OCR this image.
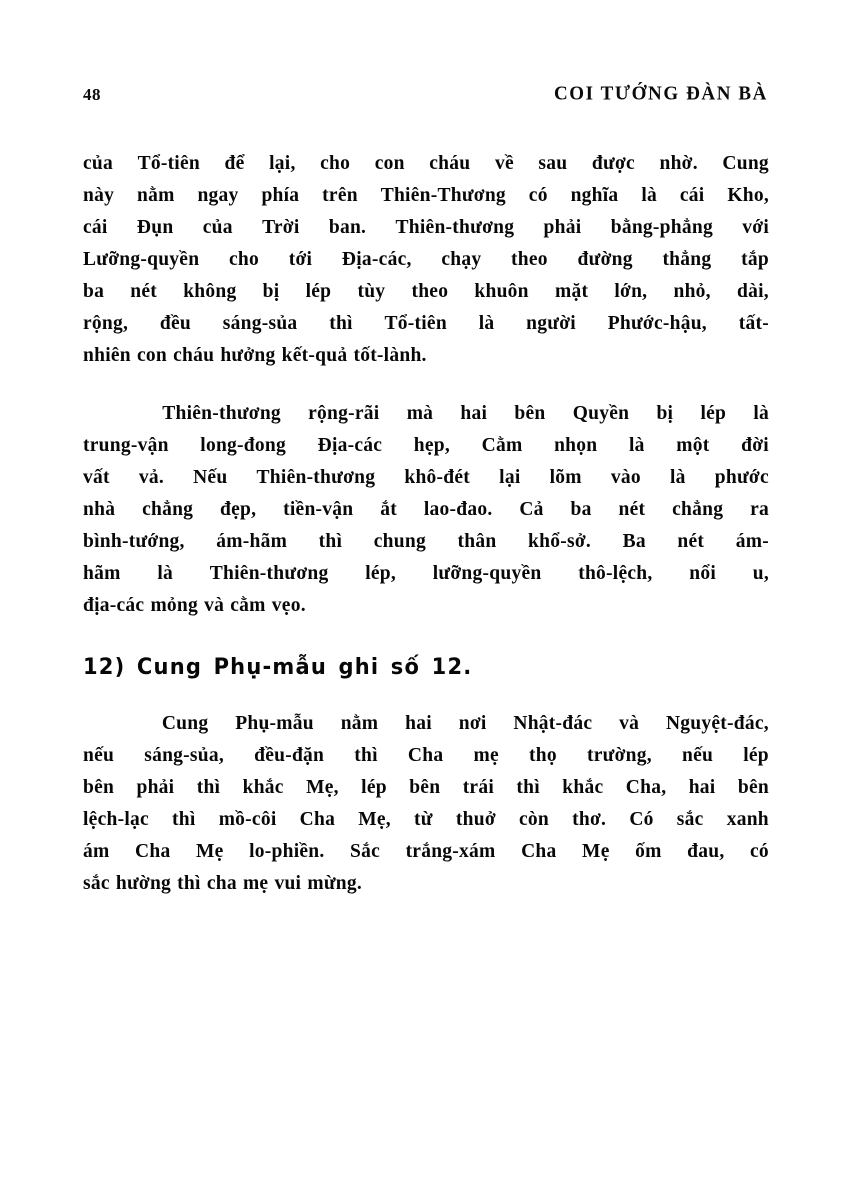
48	COI TƯỚNG ĐÀN BÀ

của Tổ-tiên để lại, cho con cháu về sau được nhờ. Cung
này nằm ngay phía trên Thiên-Thương có nghĩa là cái Kho,
cái Đụn của Trời ban. Thiên-thương phải bằng-phẳng với
Lưỡng-quyền cho tới Địa-các, chạy theo đường thẳng tắp
ba nét không bị lép tùy theo khuôn mặt lớn, nhỏ, dài,
rộng, đều sáng-sủa thì Tổ-tiên là người Phước-hậu, tất-
nhiên con cháu hưởng kết-quả tốt-lành.

Thiên-thương rộng-rãi mà hai bên Quyền bị lép là
trung-vận long-đong Địa-các hẹp, Cằm nhọn là một đời
vất vả. Nếu Thiên-thương khô-đét lại lõm vào là phước
nhà chẳng đẹp, tiền-vận ắt lao-đao. Cả ba nét chẳng ra
bình-tướng, ám-hãm thì chung thân khổ-sở. Ba nét ám-
hãm là Thiên-thương lép, lưỡng-quyền thô-lệch, nổi u,
địa-các mỏng và cằm vẹo.

12) Cung Phụ-mẫu ghi số 12.

Cung Phụ-mẫu nằm hai nơi Nhật-đác và Nguyệt-đác,
nếu sáng-sủa, đều-đặn thì Cha mẹ thọ trường, nếu lép
bên phải thì khắc Mẹ, lép bên trái thì khắc Cha, hai bên
lệch-lạc thì mồ-côi Cha Mẹ, từ thuở còn thơ. Có sắc xanh
ám Cha Mẹ lo-phiền. Sắc trắng-xám Cha Mẹ ốm đau, có
sắc hường thì cha mẹ vui mừng.
